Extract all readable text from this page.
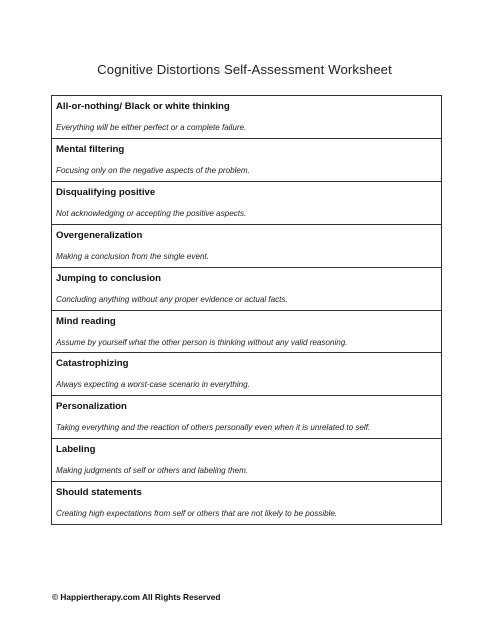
Cognitive Distortions Self-Assessment Worksheet
All-or-nothing/ Black or white thinking
Everything will be either perfect or a complete failure.
Mental filtering
Focusing only on the negative aspects of the problem.
Disqualifying positive
Not acknowledging or accepting the positive aspects.
Overgeneralization
Making a conclusion from the single event.
Jumping to conclusion
Concluding anything without any proper evidence or actual facts.
Mind reading
Assume by yourself what the other person is thinking without any valid reasoning.
Catastrophizing
Always expecting a worst-case scenario in everything.
Personalization
Taking everything and the reaction of others personally even when it is unrelated to self.
Labeling
Making judgments of self or others and labeling them.
Should statements
Creating high expectations from self or others that are not likely to be possible.
© Happiertherapy.com All Rights Reserved
